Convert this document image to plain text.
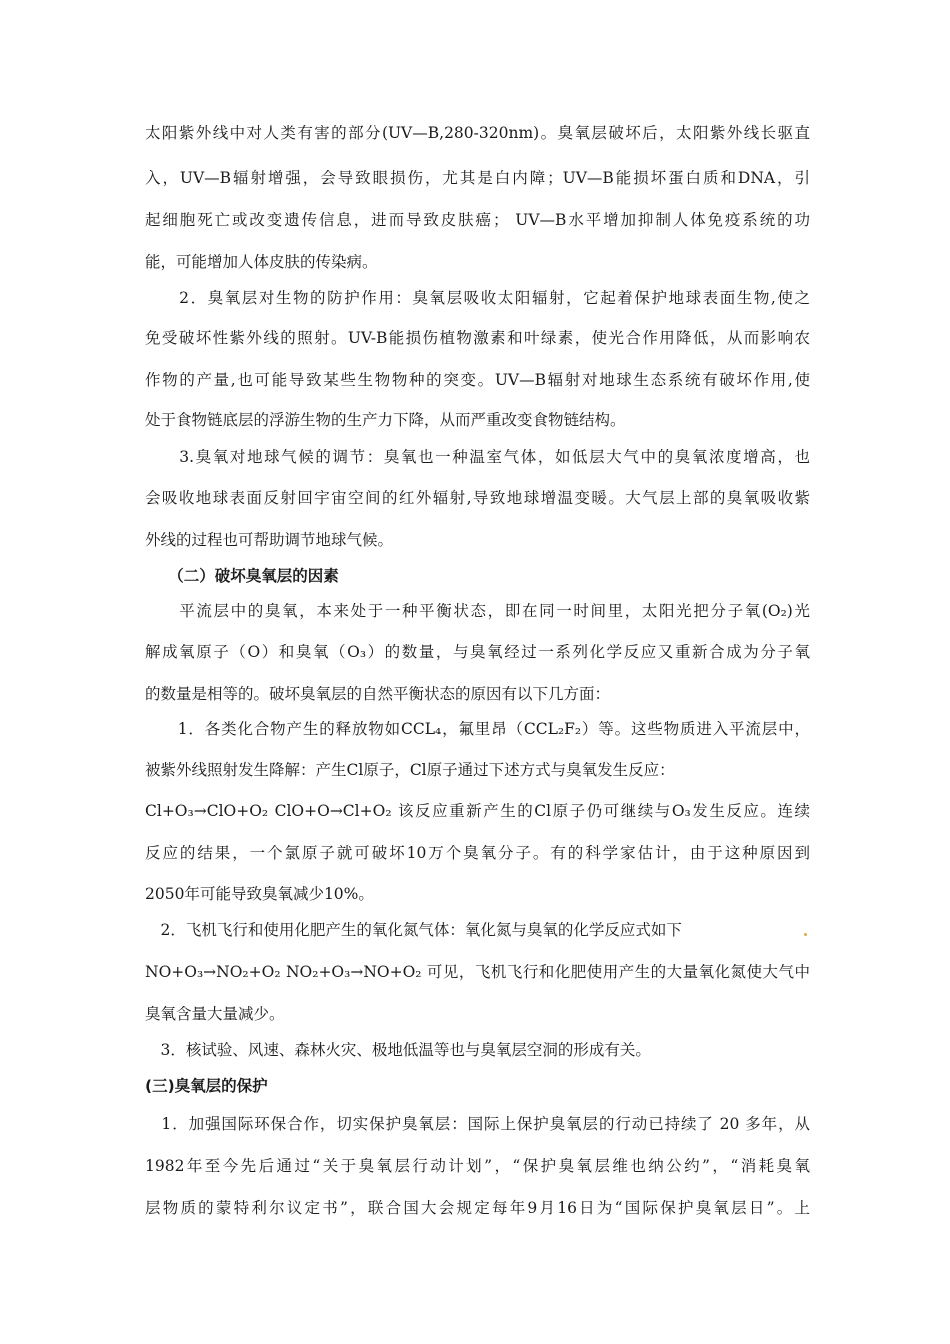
太阳紫外线中对人类有害的部分(UV—B,280-320nm)。臭氧层破坏后，太阳紫外线长驱直
入，UV—B辐射增强，会导致眼损伤，尤其是白内障；UV—B能损坏蛋白质和DNA，引
起细胞死亡或改变遗传信息，进而导致皮肤癌； UV—B水平增加抑制人体免疫系统的功
能，可能增加人体皮肤的传染病。
　　2．臭氧层对生物的防护作用：臭氧层吸收太阳辐射，它起着保护地球表面生物,使之
免受破坏性紫外线的照射。UV-B能损伤植物激素和叶绿素，使光合作用降低，从而影响农
作物的产量,也可能导致某些生物物种的突变。UV—B辐射对地球生态系统有破坏作用,使
处于食物链底层的浮游生物的生产力下降，从而严重改变食物链结构。
　　3.臭氧对地球气候的调节：臭氧也一种温室气体，如低层大气中的臭氧浓度增高，也
会吸收地球表面反射回宇宙空间的红外辐射,导致地球增温变暖。大气层上部的臭氧吸收紫
外线的过程也可帮助调节地球气候。
　　（二）破坏臭氧层的因素
　　平流层中的臭氧，本来处于一种平衡状态，即在同一时间里，太阳光把分子氧(O₂)光
解成氧原子（O）和臭氧（O₃）的数量，与臭氧经过一系列化学反应又重新合成为分子氧
的数量是相等的。破坏臭氧层的自然平衡状态的原因有以下几方面：
　　1．各类化合物产生的释放物如CCL₄，氟里昂（CCL₂F₂）等。这些物质进入平流层中，
被紫外线照射发生降解：产生Cl原子，Cl原子通过下述方式与臭氧发生反应：
Cl+O₃→ClO+O₂ ClO+O→Cl+O₂ 该反应重新产生的Cl原子仍可继续与O₃发生反应。连续
反应的结果，一个氯原子就可破坏10万个臭氧分子。有的科学家估计，由于这种原因到
2050年可能导致臭氧减少10%。
　2．飞机飞行和使用化肥产生的氧化氮气体：氧化氮与臭氧的化学反应式如下
NO+O₃→NO₂+O₂ NO₂+O₃→NO+O₂ 可见，飞机飞行和化肥使用产生的大量氧化氮使大气中
臭氧含量大量减少。
　3．核试验、风速、森林火灾、极地低温等也与臭氧层空洞的形成有关。
(三)臭氧层的保护
　1．加强国际环保合作，切实保护臭氧层：国际上保护臭氧层的行动已持续了 20 多年，从
1982年至今先后通过“关于臭氧层行动计划”，“保护臭氧层维也纳公约”，“消耗臭氧
层物质的蒙特利尔议定书”，联合国大会规定每年9月16日为“国际保护臭氧层日”。上
